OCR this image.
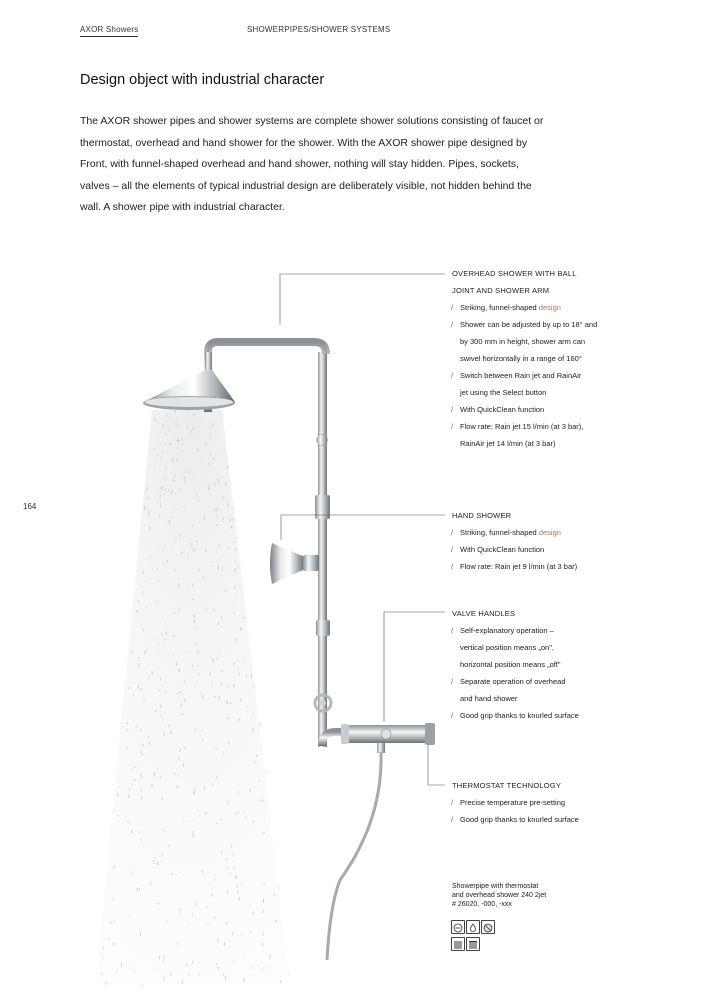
AXOR Showers	SHOWERPIPES/SHOWER SYSTEMS
Design object with industrial character

The AXOR shower pipes and shower systems are complete shower solutions consisting of faucet or thermostat, overhead and hand shower for the shower. With the AXOR shower pipe designed by Front, with funnel-shaped overhead and hand shower, nothing will stay hidden. Pipes, sockets, valves – all the elements of typical industrial design are deliberately visible, not hidden behind the wall. A shower pipe with industrial character.

164
OVERHEAD SHOWER WITH BALL
JOINT AND SHOWER ARM
/ Striking, funnel-shaped design
/ Shower can be adjusted by up to 18° and
by 300 mm in height, shower arm can
swivel horizontally in a range of 160°
/ Switch between Rain jet and RainAir
jet using the Select button
/ With QuickClean function
/ Flow rate: Rain jet 15 l/min (at 3 bar),
RainAir jet 14 l/min (at 3 bar)
HAND SHOWER
/ Striking, funnel-shaped design
/ With QuickClean function
/ Flow rate: Rain jet 9 l/min (at 3 bar)
VALVE HANDLES
/ Self-explanatory operation –
vertical position means „on",
horizontal position means „off"
/ Separate operation of overhead
and hand shower
/ Good grip thanks to knurled surface
THERMOSTAT TECHNOLOGY
/ Precise temperature pre-setting
/ Good grip thanks to knurled surface
Showerpipe with thermostat
and overhead shower 240 2jet
# 26020, -000, -xxx
